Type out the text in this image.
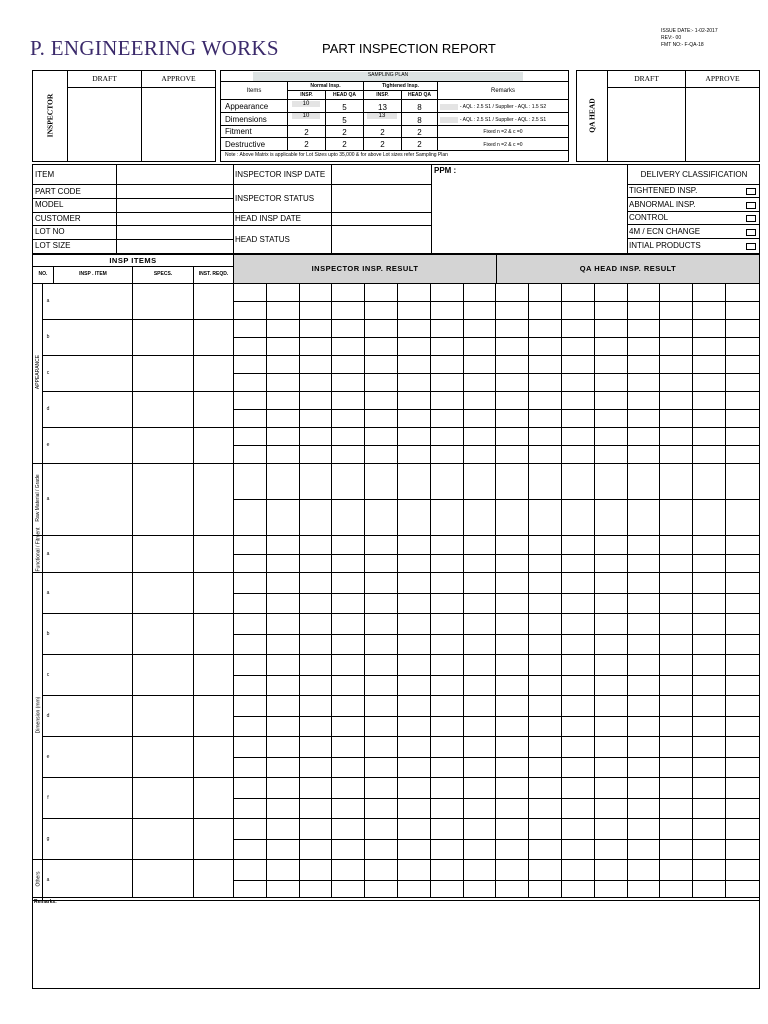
P. ENGINEERING WORKS	PART INSPECTION REPORT
ISSUE DATE:- 1-02-2017
REV:- 00
FMT NO:- F-QA-18
DRAFT	APPROVE
INSPECTOR
SAMPLING PLAN
Items
Normal Insp.	Tightened Insp.
Remarks
INSP.	HEAD QA	INSP.	HEAD QA
Appearance	10	5	13	8	- AQL : 2.5 S1 / Supplier - AQL : 1.5 S2
Dimensions	10	5	13	8	- AQL : 2.5 S1 / Supplier - AQL : 2.5 S1
Fitment	2	2	2	2	Fixed n =2 & c =0
Destructive	2	2	2	2	Fixed n =2 & c =0
Note : Above Matrix is applicable for Lot Sizes upto 35,000 & for above Lot sizes refer Sampling Plan
DRAFT	APPROVE
QA HEAD
ITEM
PART CODE
MODEL
CUSTOMER
LOT NO
LOT SIZE
INSPECTOR INSP DATE
INSPECTOR STATUS
HEAD INSP DATE
HEAD STATUS
PPM :	DELIVERY CLASSIFICATION
TIGHTENED INSP.
ABNORMAL INSP.
CONTROL
4M / ECN CHANGE
INTIAL PRODUCTS
INSP ITEMS
NO.	INSP . ITEM	SPECS.	INST. REQD.
INSPECTOR INSP. RESULT	QA HEAD INSP. RESULT
APPEARANCE
a
b
c
d
e
Raw Material / Grade	a
Functional / Fitment	a
Dimension (mm)
a
b
c
d
e
f
g
Others	a
Remarks:
